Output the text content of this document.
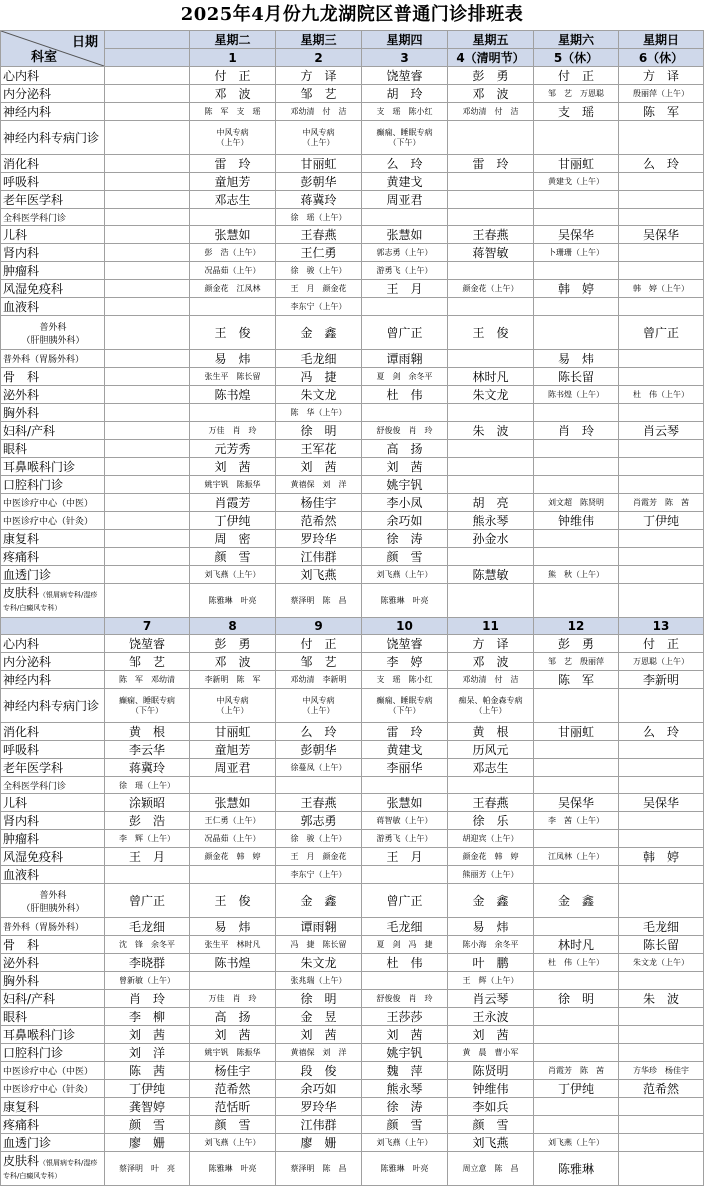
2025年4月份九龙湖院区普通门诊排班表
日期
科室		星期二	星期三	星期四	星期五	星期六	星期日
		1	2	3	4（清明节）	5（休）	6（休）
心内科		付　正	方　译	饶堃睿	彭　勇	付　正	方　译
内分泌科		邓　波	邹　艺	胡　玲	邓　波	邹　艺　万恩聪	殷丽萍（上午）
神经内科		陈　军　支　瑶	邓幼清　付　洁	支　瑶　陈小红	邓幼清　付　洁	支　瑶	陈　军
神经内科专病门诊		中风专病
（上午）	中风专病
（上午）	癫痫、睡眠专病
（下午）			
消化科		雷　玲	甘丽虹	么　玲	雷　玲	甘丽虹	么　玲
呼吸科		童旭芳	彭朝华	黄建戈		黄建戈（上午）	
老年医学科		邓志生	蒋冀玲	周亚君			
全科医学科门诊			徐　瑶（上午）				
儿科		张慧如	王春燕	张慧如	王春燕	吴保华	吴保华
肾内科		彭　浩（上午）	王仁勇	郭志勇（上午）	蒋智敏	卜珊珊（上午）	
肿瘤科		况晶茹（上午）	徐　骏（上午）	游勇飞（上午）			
风湿免疫科		颜金花　江凤林	王　月　颜金花	王　月	颜金花（上午）	韩　婷	韩　婷（上午）
血液科			李东宁（上午）				
普外科
（肝胆胰外科）		王　俊	金　鑫	曾广正	王　俊		曾广正
普外科（胃肠外科）		易　炜	毛龙细	谭雨翱		易　炜	
骨　科		张生平　陈长留	冯　捷	夏　剑　余冬平	林时凡	陈长留	
泌外科		陈书煌	朱文龙	杜　伟	朱文龙	陈书煌（上午）	杜　伟（上午）
胸外科			陈　华（上午）				
妇科/产科		万佳　肖　玲	徐　明	舒俊俊　肖　玲	朱　波	肖　玲	肖云琴
眼科		元芳秀	王军花	高　扬			
耳鼻喉科门诊		刘　茜	刘　茜	刘　茜			
口腔科门诊		姚宇钒　陈振华	黄禧保　刘　洋	姚宇钒			
中医诊疗中心（中医）		肖霞芳	杨佳宇	李小凤	胡　亮	刘文超　陈贤明	肖霞芳　陈　茜
中医诊疗中心（针灸）		丁伊纯	范希然	余巧如	熊永琴	钟维伟	丁伊纯
康复科		周　密	罗玲华	徐　涛	孙金水		
疼痛科		颜　雪	江伟群	颜　雪			
血透门诊		刘飞燕（上午）	刘飞燕	刘飞燕（上午）	陈慧敏	熊　秋（上午）	
皮肤科（银屑病专科/湿疹专科/白癜风专科）		陈雅琳　叶亮	蔡泽明　陈　昌	陈雅琳　叶亮			
	7	8	9	10	11	12	13
心内科	饶堃睿	彭　勇	付　正	饶堃睿	方　译	彭　勇	付　正
内分泌科	邹　艺	邓　波	邹　艺	李　婷	邓　波	邹　艺　殷丽萍	万恩聪（上午）
神经内科	陈　军　邓幼清	李新明　陈　军	邓幼清　李新明	支　瑶　陈小红	邓幼清　付　洁	陈　军	李新明
神经内科专病门诊	癫痫、睡眠专病
（下午）	中风专病
（上午）	中风专病
（上午）	癫痫、睡眠专病
（下午）	痴呆、帕金森专病
（上午）		
消化科	黄　根	甘丽虹	么　玲	雷　玲	黄　根	甘丽虹	么　玲
呼吸科	李云华	童旭芳	彭朝华	黄建戈	历风元		
老年医学科	蒋冀玲	周亚君	徐蔓凤（上午）	李丽华	邓志生		
全科医学科门诊	徐　瑶（上午）						
儿科	涂颖昭	张慧如	王春燕	张慧如	王春燕	吴保华	吴保华
肾内科	彭　浩	王仁勇（上午）	郭志勇	蒋智敏（上午）	徐　乐	李　茜（上午）	
肿瘤科	李　辉（上午）	况晶茹（上午）	徐　骏（上午）	游勇飞（上午）	胡迎宾（上午）		
风湿免疫科	王　月	颜金花　韩　婷	王　月　颜金花	王　月	颜金花　韩　婷	江凤林（上午）	韩　婷
血液科			李东宁（上午）		熊丽芳（上午）		
普外科
（肝胆胰外科）	曾广正	王　俊	金　鑫	曾广正	金　鑫	金　鑫	
普外科（胃肠外科）	毛龙细	易　炜	谭雨翱	毛龙细	易　炜		毛龙细
骨　科	沈　锋　余冬平	张生平　林时凡	冯　捷　陈长留	夏　剑　冯　捷	陈小海　余冬平	林时凡	陈长留
泌外科	李晓群	陈书煌	朱文龙	杜　伟	叶　鹏	杜　伟（上午）	朱文龙（上午）
胸外科	曾新敏（上午）		张兆瑞（上午）		王　辉（上午）		
妇科/产科	肖　玲	万佳　肖　玲	徐　明	舒俊俊　肖　玲	肖云琴	徐　明	朱　波
眼科	李　柳	高　扬	金　昱	王莎莎	王永波		
耳鼻喉科门诊	刘　茜	刘　茜	刘　茜	刘　茜	刘　茜		
口腔科门诊	刘　洋	姚宇钒　陈振华	黄禧保　刘　洋	姚宇钒	黄　晨　曹小军		
中医诊疗中心（中医）	陈　茜	杨佳宇	段　俊	魏　萍	陈贤明	肖霞芳　陈　茜	方华珍　杨佳宇
中医诊疗中心（针灸）	丁伊纯	范希然	余巧如	熊永琴	钟维伟	丁伊纯	范希然
康复科	龚智婷	范恬昕	罗玲华	徐　涛	李如兵		
疼痛科	颜　雪	颜　雪	江伟群	颜　雪	颜　雪		
血透门诊	廖　姗	刘飞燕（上午）	廖　姗	刘飞燕（上午）	刘飞燕	刘飞燕（上午）	
皮肤科（银屑病专科/湿疹专科/白癜风专科）	蔡泽明　叶　亮	陈雅琳　叶亮	蔡泽明　陈　昌	陈雅琳　叶亮	周立意　陈　昌	陈雅琳	
